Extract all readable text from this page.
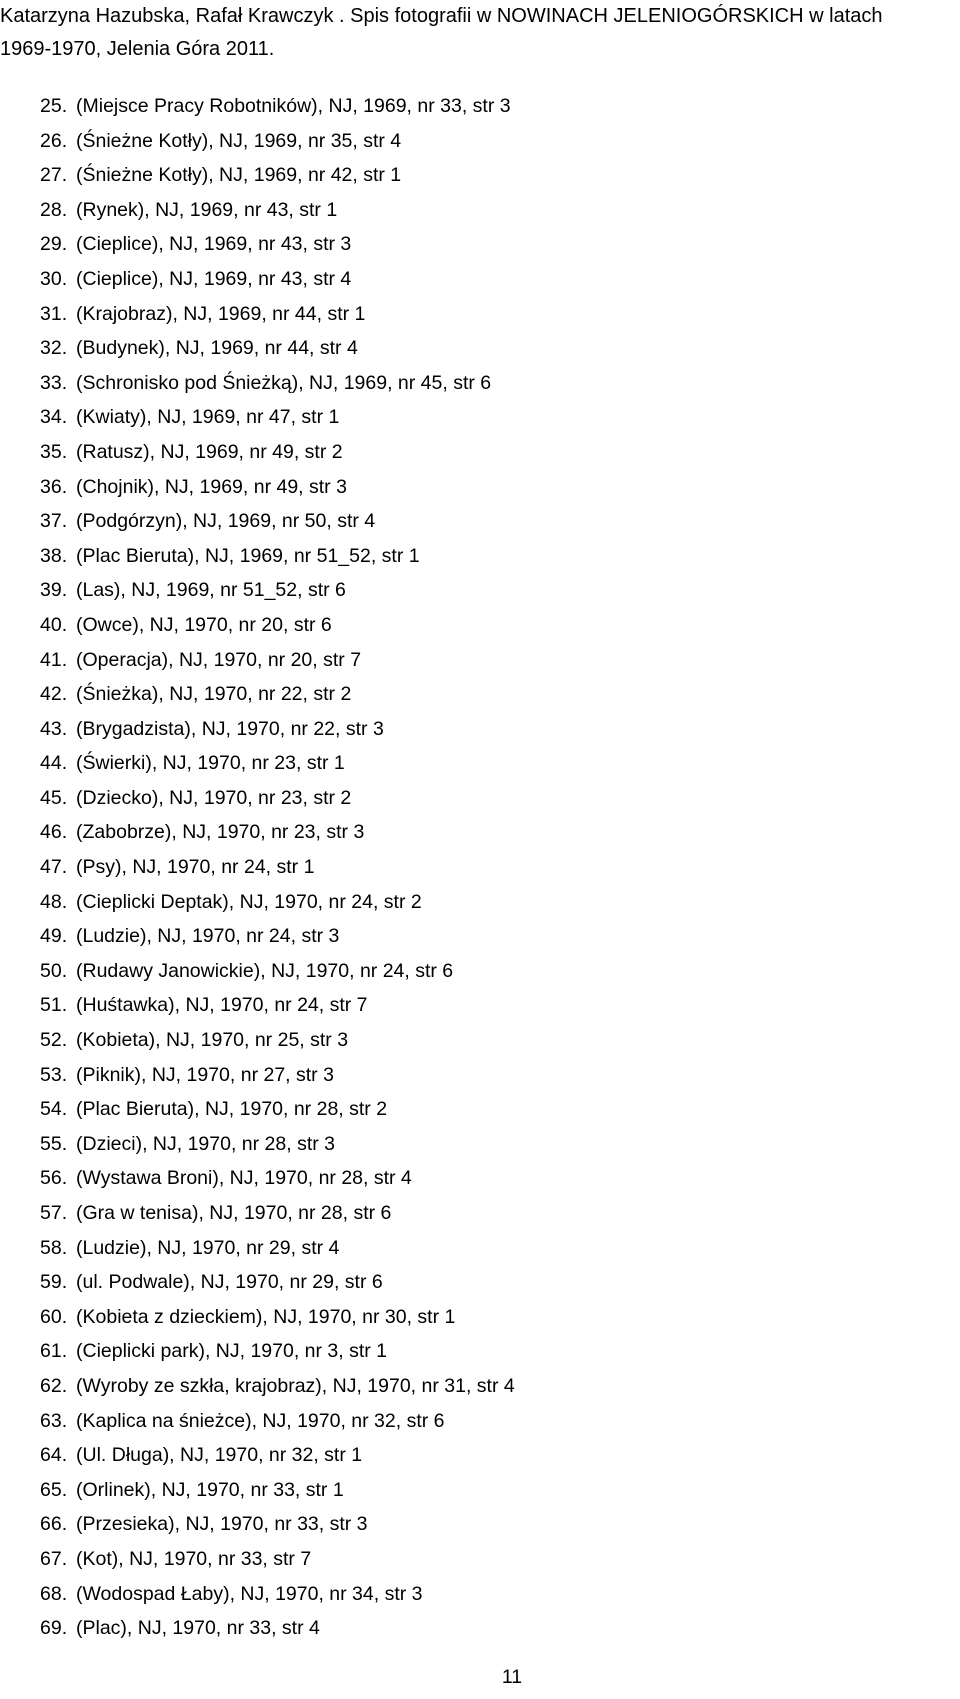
Katarzyna Hazubska, Rafał Krawczyk . Spis fotografii w NOWINACH JELENIOGÓRSKICH w latach
1969-1970, Jelenia Góra 2011.
25. (Miejsce Pracy Robotników), NJ, 1969, nr 33, str 3
26. (Śnieżne Kotły), NJ, 1969, nr 35, str 4
27. (Śnieżne Kotły), NJ, 1969, nr 42, str 1
28. (Rynek), NJ, 1969, nr 43, str 1
29. (Cieplice), NJ, 1969, nr 43, str 3
30. (Cieplice), NJ, 1969, nr 43, str 4
31. (Krajobraz), NJ, 1969, nr 44, str 1
32. (Budynek), NJ, 1969, nr 44, str 4
33. (Schronisko pod Śnieżką), NJ, 1969, nr 45, str 6
34. (Kwiaty), NJ, 1969, nr 47, str 1
35. (Ratusz), NJ, 1969, nr 49, str 2
36. (Chojnik), NJ, 1969, nr 49, str 3
37. (Podgórzyn), NJ, 1969, nr 50, str 4
38. (Plac Bieruta), NJ, 1969, nr 51_52, str 1
39. (Las), NJ, 1969, nr 51_52, str 6
40. (Owce), NJ, 1970, nr 20, str 6
41. (Operacja), NJ, 1970, nr 20, str 7
42. (Śnieżka), NJ, 1970, nr 22, str 2
43. (Brygadzista), NJ, 1970, nr 22, str 3
44. (Świerki), NJ, 1970, nr 23, str 1
45. (Dziecko), NJ, 1970, nr 23, str 2
46. (Zabobrze), NJ, 1970, nr 23, str 3
47. (Psy), NJ, 1970, nr 24, str 1
48. (Cieplicki Deptak), NJ, 1970, nr 24, str 2
49. (Ludzie), NJ, 1970, nr 24, str 3
50. (Rudawy Janowickie), NJ, 1970, nr 24, str 6
51. (Huśtawka), NJ, 1970, nr 24, str 7
52. (Kobieta), NJ, 1970, nr 25, str 3
53. (Piknik), NJ, 1970, nr 27, str 3
54. (Plac Bieruta), NJ, 1970, nr 28, str 2
55. (Dzieci), NJ, 1970, nr 28, str 3
56. (Wystawa Broni), NJ, 1970, nr 28, str 4
57. (Gra w tenisa), NJ, 1970, nr 28, str 6
58. (Ludzie), NJ, 1970, nr 29, str 4
59. (ul. Podwale), NJ, 1970, nr 29, str 6
60. (Kobieta z dzieckiem), NJ, 1970, nr 30, str 1
61. (Cieplicki park), NJ, 1970, nr 3, str 1
62. (Wyroby ze szkła, krajobraz), NJ, 1970, nr 31, str 4
63. (Kaplica na śnieżce), NJ, 1970, nr 32, str 6
64. (Ul. Długa), NJ, 1970, nr 32, str 1
65. (Orlinek), NJ, 1970, nr 33, str 1
66. (Przesieka), NJ, 1970, nr 33, str 3
67. (Kot), NJ, 1970, nr 33, str 7
68. (Wodospad Łaby), NJ, 1970, nr 34, str 3
69. (Plac), NJ, 1970, nr 33, str 4
11
